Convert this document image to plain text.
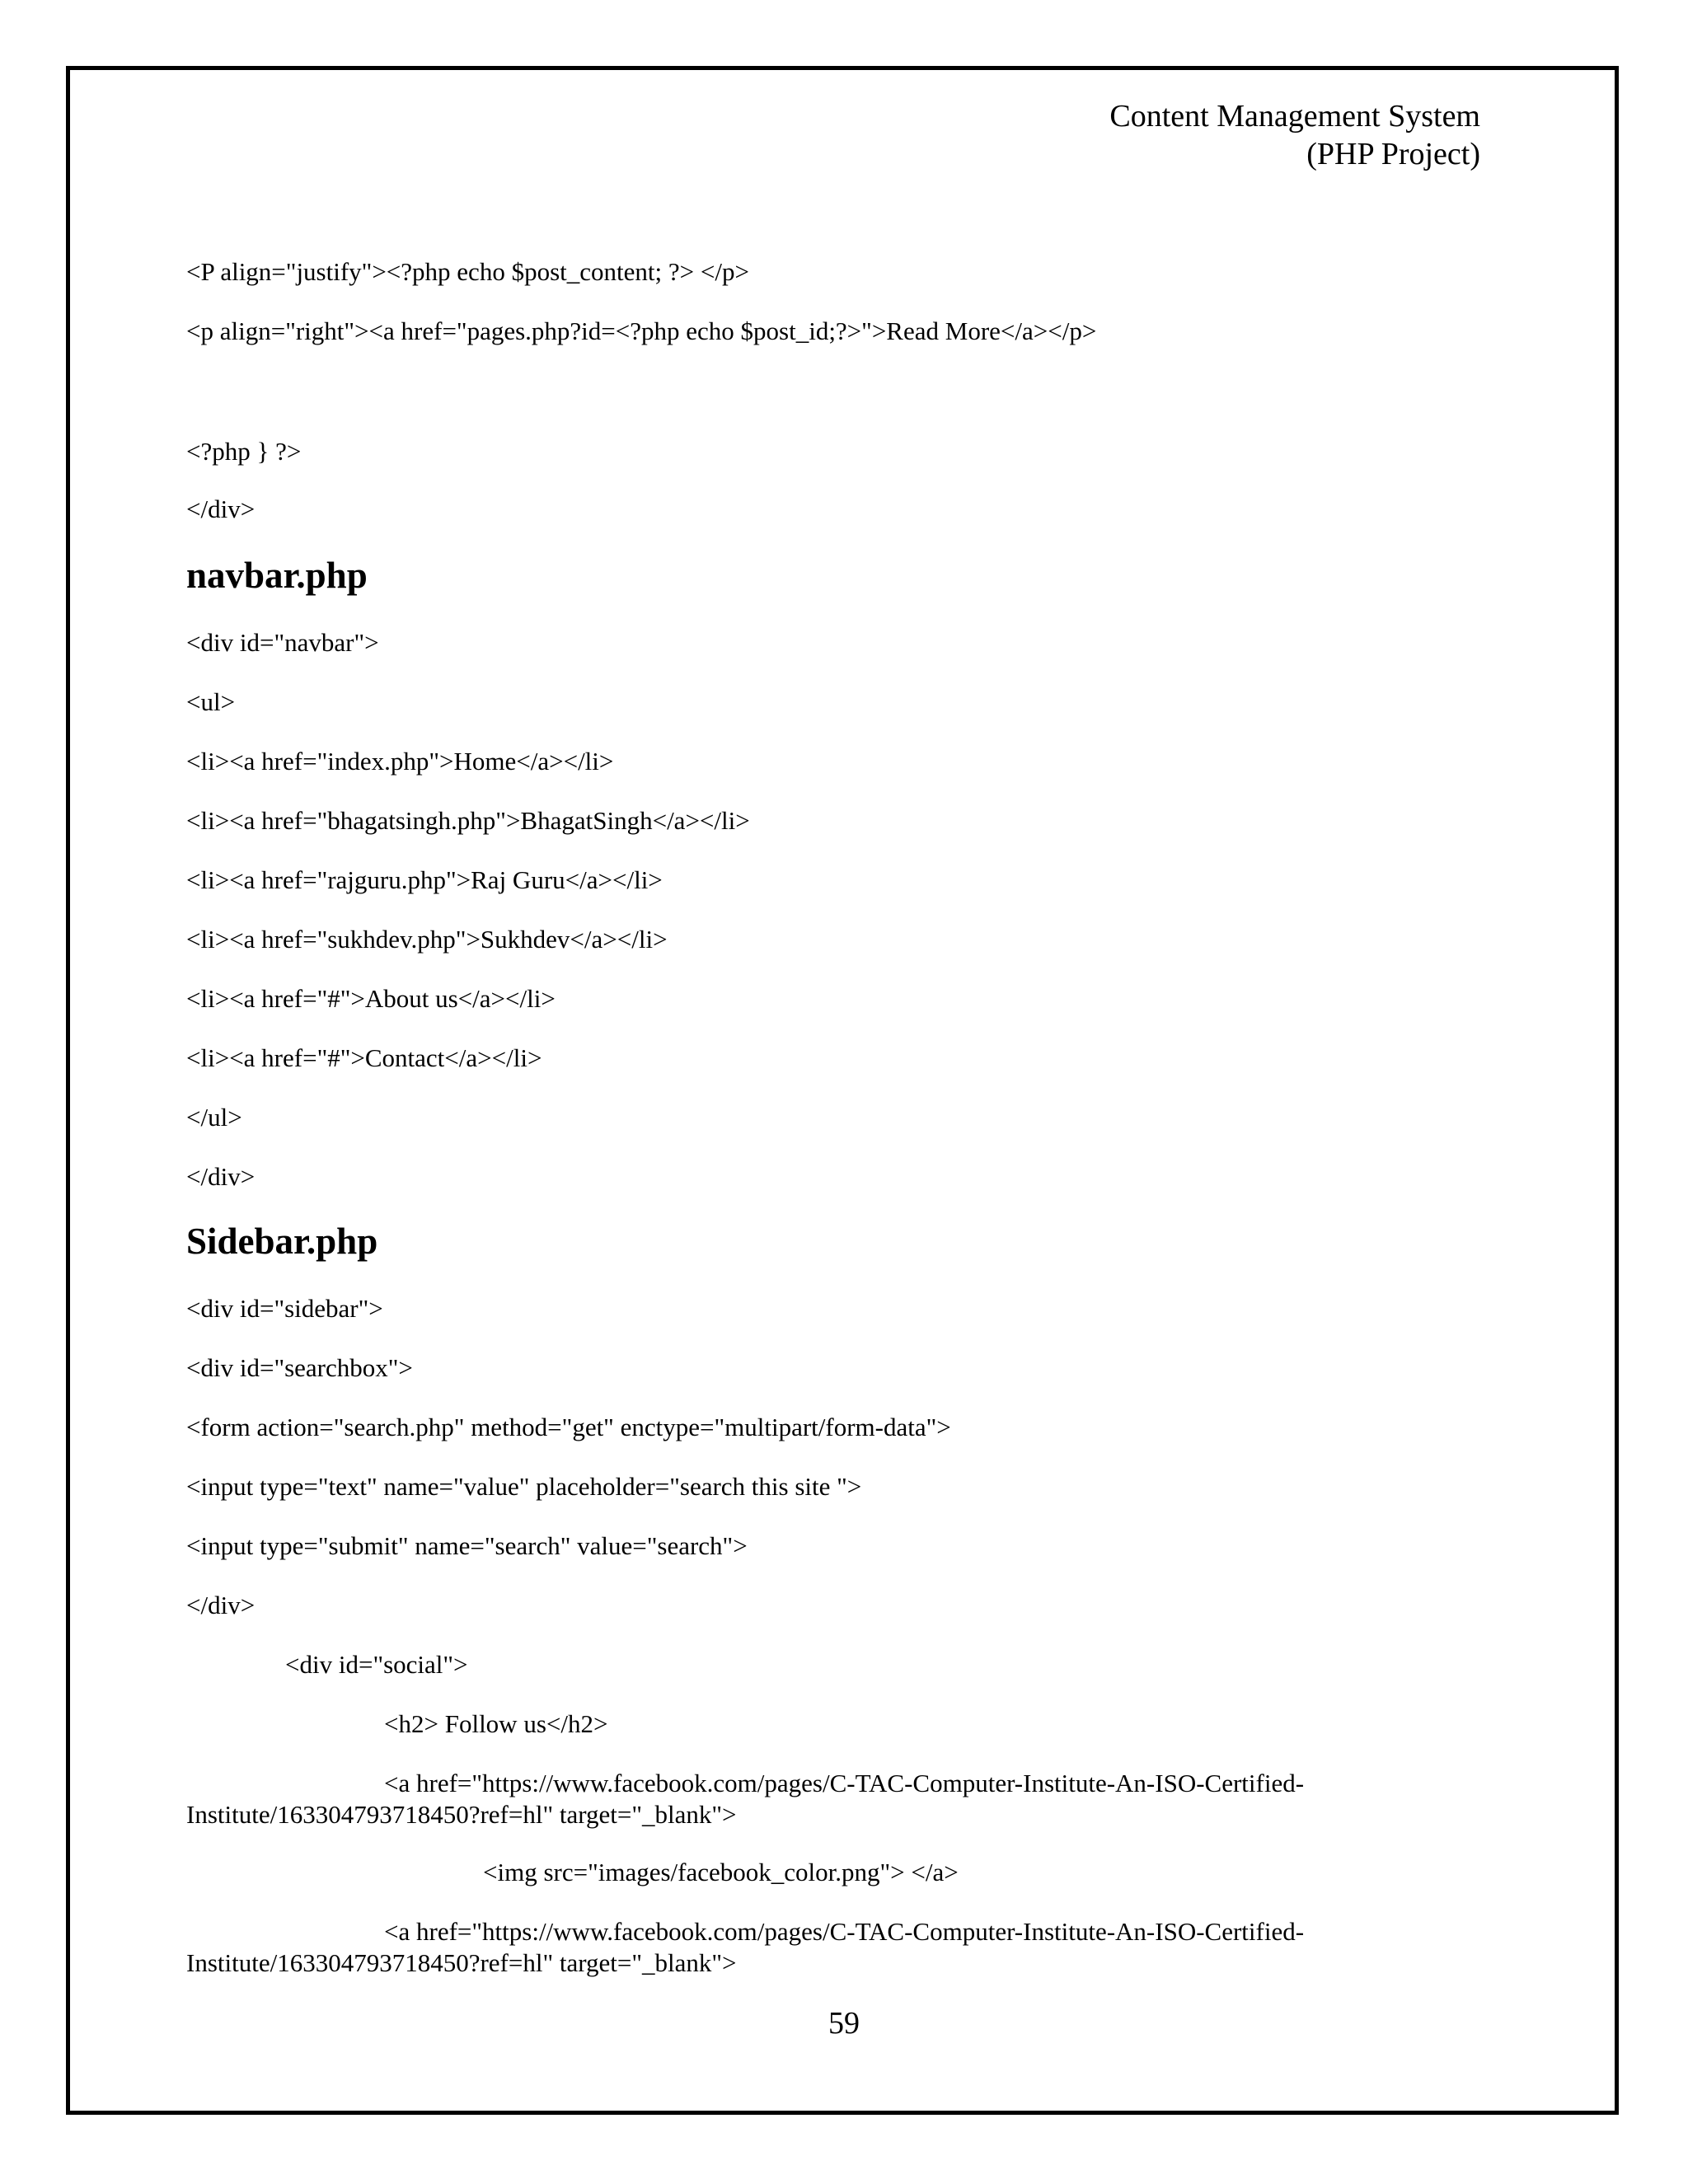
Content Management System
(PHP Project)
<P align="justify"><?php echo $post_content; ?> </p>
<p align="right"><a href="pages.php?id=<?php echo $post_id;?>">Read More</a></p>
<?php } ?>
</div>
navbar.php
<div id="navbar">
<ul>
<li><a href="index.php">Home</a></li>
<li><a href="bhagatsingh.php">BhagatSingh</a></li>
<li><a href="rajguru.php">Raj Guru</a></li>
<li><a href="sukhdev.php">Sukhdev</a></li>
<li><a href="#">About us</a></li>
<li><a href="#">Contact</a></li>
</ul>
</div>
Sidebar.php
<div id="sidebar">
<div id="searchbox">
<form action="search.php" method="get" enctype="multipart/form-data">
<input type="text" name="value" placeholder="search this site ">
<input type="submit" name="search" value="search">
</div>
<div id="social">
<h2> Follow us</h2>
<a href="https://www.facebook.com/pages/C-TAC-Computer-Institute-An-ISO-Certified-
Institute/163304793718450?ref=hl" target="_blank">
<img src="images/facebook_color.png"> </a>
<a href="https://www.facebook.com/pages/C-TAC-Computer-Institute-An-ISO-Certified-
Institute/163304793718450?ref=hl" target="_blank">
59
